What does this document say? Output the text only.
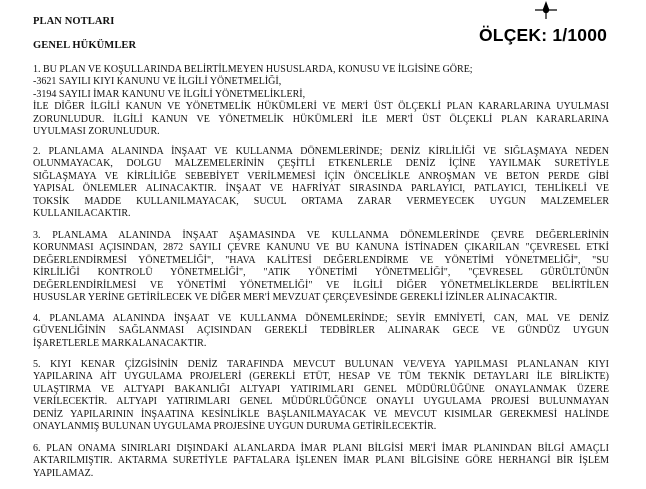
PLAN NOTLARI
GENEL HÜKÜMLER
ÖLÇEK: 1/1000
1. BU PLAN VE KOŞULLARINDA BELİRTİLMEYEN HUSUSLARDA, KONUSU VE İLGİSİNE GÖRE;
-3621 SAYILI KIYI KANUNU VE İLGİLİ YÖNETMELİĞİ,
-3194 SAYILI İMAR KANUNU VE İLGİLİ YÖNETMELİKLERİ,
İLE DİĞER İLGİLİ KANUN VE YÖNETMELİK HÜKÜMLERİ VE MER'İ ÜST ÖLÇEKLİ PLAN KARARLARINA UYULMASI
ZORUNLUDUR. İLGİLİ KANUN VE YÖNETMELİK HÜKÜMLERİ İLE MER'İ ÜST ÖLÇEKLİ PLAN KARARLARINA
UYULMASI ZORUNLUDUR.
2. PLANLAMA ALANINDA İNŞAAT VE KULLANMA DÖNEMLERİNDE; DENİZ KİRLİLİĞİ VE SIĞLAŞMAYA NEDEN
OLUNMAYACAK, DOLGU MALZEMELERİNİN ÇEŞİTLİ ETKENLERLE DENİZ İÇİNE YAYILMAK SURETİYLE
SIĞLAŞMAYA VE KİRLİLİĞE SEBEBİYET VERİLMEMESİ İÇİN ÖNCELİKLE ANROŞMAN VE BETON PERDE GİBİ
YAPISAL ÖNLEMLER ALINACAKTIR. İNŞAAT VE HAFRİYAT SIRASINDA PARLAYICI, PATLAYICI, TEHLİKELİ VE
TOKSİK MADDE KULLANILMAYACAK, SUCUL ORTAMA ZARAR VERMEYECEK UYGUN MALZEMELER
KULLANILACAKTIR.
3. PLANLAMA ALANINDA İNŞAAT AŞAMASINDA VE KULLANMA DÖNEMLERİNDE ÇEVRE DEĞERLERİNİN
KORUNMASI AÇISINDAN, 2872 SAYILI ÇEVRE KANUNU VE BU KANUNA İSTİNADEN ÇIKARILAN "ÇEVRESEL ETKİ
DEĞERLENDİRMESİ YÖNETMELİĞİ", "HAVA KALİTESİ DEĞERLENDİRME VE YÖNETİMİ YÖNETMELİĞİ", "SU
KİRLİLİĞİ KONTROLÜ YÖNETMELİĞİ", "ATIK YÖNETİMİ YÖNETMELİĞİ", "ÇEVRESEL GÜRÜLTÜNÜN
DEĞERLENDİRİLMESİ VE YÖNETİMİ YÖNETMELİĞİ" VE İLGİLİ DİĞER YÖNETMELİKLERDE BELİRTİLEN
HUSUSLAR YERİNE GETİRİLECEK VE DİĞER MER'İ MEVZUAT ÇERÇEVESİNDE GEREKLİ İZİNLER ALINACAKTIR.
4. PLANLAMA ALANINDA İNŞAAT VE KULLANMA DÖNEMLERİNDE; SEYİR EMNİYETİ, CAN, MAL VE DENİZ
GÜVENLİĞİNİN SAĞLANMASI AÇISINDAN GEREKLİ TEDBİRLER ALINARAK GECE VE GÜNDÜZ UYGUN
İŞARETLERLE MARKALANACAKTIR.
5. KIYI KENAR ÇİZGİSİNİN DENİZ TARAFINDA MEVCUT BULUNAN VE/VEYA YAPILMASI PLANLANAN KIYI
YAPILARINA AİT UYGULAMA PROJELERİ (GEREKLİ ETÜT, HESAP VE TÜM TEKNİK DETAYLARI İLE BİRLİKTE)
ULAŞTIRMA VE ALTYAPI BAKANLIĞI ALTYAPI YATIRIMLARI GENEL MÜDÜRLÜĞÜNE ONAYLANMAK ÜZERE
VERİLECEKTİR. ALTYAPI YATIRIMLARI GENEL MÜDÜRLÜĞÜNCE ONAYLI UYGULAMA PROJESİ BULUNMAYAN
DENİZ YAPILARININ İNŞAATINA KESİNLİKLE BAŞLANILMAYACAK VE MEVCUT KISIMLAR GEREKMESİ HALİNDE
ONAYLANMIŞ BULUNAN UYGULAMA PROJESİNE UYGUN DURUMA GETİRİLECEKTİR.
6. PLAN ONAMA SINIRLARI DIŞINDAKİ ALANLARDA İMAR PLANI BİLGİSİ MER'İ İMAR PLANINDAN BİLGİ AMAÇLI
AKTARILMIŞTIR. AKTARMA SURETİYLE PAFTALARA İŞLENEN İMAR PLANI BİLGİSİNE GÖRE HERHANGİ BİR İŞLEM
YAPILAMAZ.
